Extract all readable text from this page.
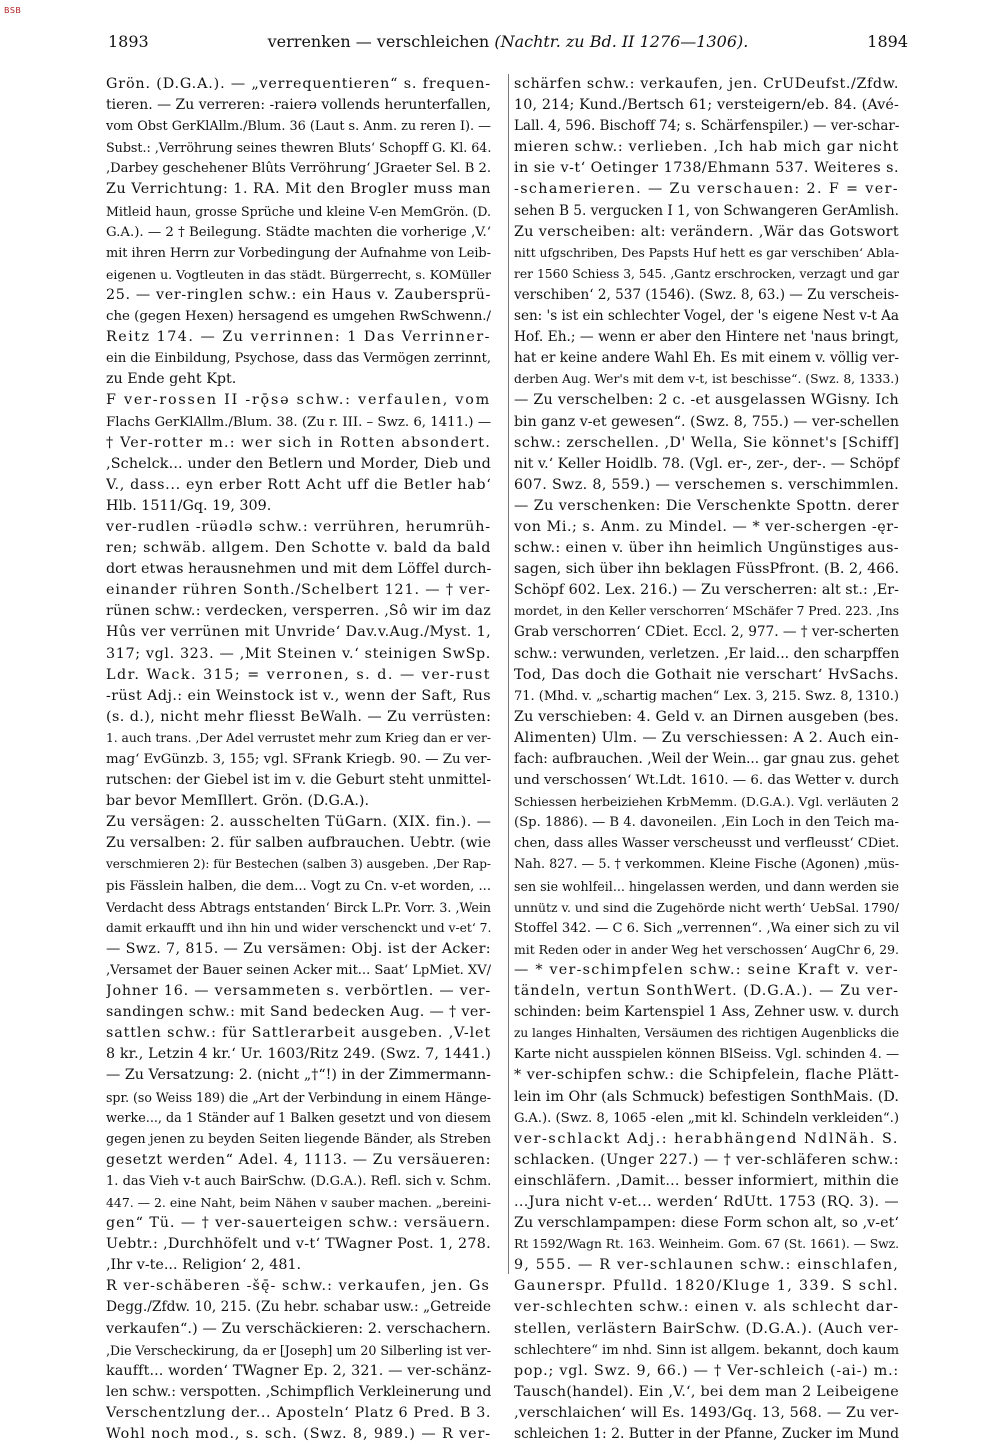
BSB
1893	verrenken — verschleichen (Nachtr. zu Bd. II 1276—1306).	1894
Grön. (D.G.A.). — „verrequentieren“ s. frequen-
tieren. — Zu verreren: -raierə vollends herunterfallen,
vom Obst GerKlAllm./Blum. 36 (Laut s. Anm. zu reren I). —
Subst.: ‚Verröhrung seines thewren Bluts‘ Schopff G. Kl. 64.
‚Darbey geschehener Blûts Verröhrung‘ JGraeter Sel. B 2.
Zu Verrichtung: 1. RA. Mit den Brogler muss man
Mitleid haun, grosse Sprüche und kleine V-en MemGrön. (D.
G.A.). — 2 † Beilegung. Städte machten die vorherige ‚V.‘
mit ihren Herrn zur Vorbedingung der Aufnahme von Leib-
eigenen u. Vogtleuten in das städt. Bürgerrecht, s. KOMüller
25. — ver-ringlen schw.: ein Haus v. Zaubersprü-
che (gegen Hexen) hersagend es umgehen RwSchwenn./
Reitz 174. — Zu verrinnen: 1 Das Verrinner-
ein die Einbildung, Psychose, dass das Vermögen zerrinnt,
zu Ende geht Kpt.
F ver-rossen II -rǭsə schw.: verfaulen, vom
Flachs GerKlAllm./Blum. 38. (Zu r. III. – Swz. 6, 1411.) —
† Ver-rotter m.: wer sich in Rotten absondert.
‚Schelck... under den Betlern und Morder, Dieb und
V., dass... eyn erber Rott Acht uff die Betler hab‘
Hlb. 1511/Gq. 19, 309.
ver-rudlen -rüədlə schw.: verrühren, herumrüh-
ren; schwäb. allgem. Den Schotte v. bald da bald
dort etwas herausnehmen und mit dem Löffel durch-
einander rühren Sonth./Schelbert 121. — † ver-
rünen schw.: verdecken, versperren. ‚Sô wir im daz
Hûs ver verrünen mit Unvride‘ Dav.v.Aug./Myst. 1,
317; vgl. 323. — ‚Mit Steinen v.‘ steinigen SwSp.
Ldr. Wack. 315; = verronen, s. d. — ver-rust
-rüst Adj.: ein Weinstock ist v., wenn der Saft, Rus
(s. d.), nicht mehr fliesst BeWalh. — Zu verrüsten:
1. auch trans. ‚Der Adel verrustet mehr zum Krieg dan er ver-
mag‘ EvGünzb. 3, 155; vgl. SFrank Kriegb. 90. — Zu ver-
rutschen: der Giebel ist im v. die Geburt steht unmittel-
bar bevor MemIllert. Grön. (D.G.A.).
Zu versägen: 2. ausschelten TüGarn. (XIX. fin.). —
Zu versalben: 2. für salben aufbrauchen. Uebtr. (wie
verschmieren 2): für Bestechen (salben 3) ausgeben. ‚Der Rap-
pis Fässlein halben, die dem... Vogt zu Cn. v-et worden, ...
Verdacht dess Abtrags entstanden‘ Birck L.Pr. Vorr. 3. ‚Wein
damit erkaufft und ihn hin und wider verschenckt und v-et‘ 7.
— Swz. 7, 815. — Zu versämen: Obj. ist der Acker:
‚Versamet der Bauer seinen Acker mit... Saat‘ LpMiet. XV/
Johner 16. — versammeten s. verbörtlen. — ver-
sandingen schw.: mit Sand bedecken Aug. — † ver-
sattlen schw.: für Sattlerarbeit ausgeben. ‚V-let
8 kr., Letzin 4 kr.‘ Ur. 1603/Ritz 249. (Swz. 7, 1441.)
— Zu Versatzung: 2. (nicht „†“!) in der Zimmermann-
spr. (so Weiss 189) die „Art der Verbindung in einem Hänge-
werke..., da 1 Ständer auf 1 Balken gesetzt und von diesem
gegen jenen zu beyden Seiten liegende Bänder, als Streben
gesetzt werden“ Adel. 4, 1113. — Zu versäueren:
1. das Vieh v-t auch BairSchw. (D.G.A.). Refl. sich v. Schm.
447. — 2. eine Naht, beim Nähen v sauber machen. „bereini-
gen“ Tü. — † ver-sauerteigen schw.: versäuern.
Uebtr.: ‚Durchhöfelt und v-t‘ TWagner Post. 1, 278.
‚Ihr v-te... Religion‘ 2, 481.
R ver-schäberen -šę̄- schw.: verkaufen, jen. Gs
Degg./Zfdw. 10, 215. (Zu hebr. schabar usw.: „Getreide
verkaufen“.) — Zu verschäckieren: 2. verschachern.
‚Die Verscheckirung, da er [Joseph] um 20 Silberling ist ver-
kaufft... worden‘ TWagner Ep. 2, 321. — ver-schänz-
len schw.: verspotten. ‚Schimpflich Verkleinerung und
Verschentzlung der... Aposteln‘ Platz 6 Pred. B 3.
Wohl noch mod., s. sch. (Swz. 8, 989.) — R ver-
schärfen schw.: verkaufen, jen. CrUDeufst./Zfdw.
10, 214; Kund./Bertsch 61; versteigern/eb. 84. (Avé-
Lall. 4, 596. Bischoff 74; s. Schärfenspiler.) — ver-schar-
mieren schw.: verlieben. ‚Ich hab mich gar nicht
in sie v-t‘ Oetinger 1738/Ehmann 537. Weiteres s.
-schamerieren. — Zu verschauen: 2. F = ver-
sehen B 5. vergucken I 1, von Schwangeren GerAmlish.
Zu verscheiben: alt: verändern. ‚Wär das Gotswort
nitt ufgschriben, Des Papsts Huf hett es gar verschiben‘ Abla-
rer 1560 Schiess 3, 545. ‚Gantz erschrocken, verzagt und gar
verschiben‘ 2, 537 (1546). (Swz. 8, 63.) — Zu verscheis-
sen: 's ist ein schlechter Vogel, der 's eigene Nest v-t Aa
Hof. Eh.; — wenn er aber den Hintere net 'naus bringt,
hat er keine andere Wahl Eh. Es mit einem v. völlig ver-
derben Aug. Wer's mit dem v-t, ist beschisse“. (Swz. 8, 1333.)
— Zu verschelben: 2 c. -et ausgelassen WGisny. Ich
bin ganz v-et gewesen“. (Swz. 8, 755.) — ver-schellen
schw.: zerschellen. ‚D' Wella, Sie könnet's [Schiff]
nit v.‘ Keller Hoidlb. 78. (Vgl. er-, zer-, der-. — Schöpf
607. Swz. 8, 559.) — verschemen s. verschimmlen.
— Zu verschenken: Die Verschenkte Spottn. derer
von Mi.; s. Anm. zu Mindel. — * ver-schergen -ęr-
schw.: einen v. über ihn heimlich Ungünstiges aus-
sagen, sich über ihn beklagen FüssPfront. (B. 2, 466.
Schöpf 602. Lex. 216.) — Zu verscherren: alt st.: ‚Er-
mordet, in den Keller verschorren‘ MSchäfer 7 Pred. 223. ‚Ins
Grab verschorren‘ CDiet. Eccl. 2, 977. — † ver-scherten
schw.: verwunden, verletzen. ‚Er laid... den scharpffen
Tod, Das doch die Gothait nie verschart‘ HvSachs.
71. (Mhd. v. „schartig machen“ Lex. 3, 215. Swz. 8, 1310.)
Zu verschieben: 4. Geld v. an Dirnen ausgeben (bes.
Alimenten) Ulm. — Zu verschiessen: A 2. Auch ein-
fach: aufbrauchen. ‚Weil der Wein... gar gnau zus. gehet
und verschossen‘ Wt.Ldt. 1610. — 6. das Wetter v. durch
Schiessen herbeiziehen KrbMemm. (D.G.A.). Vgl. verläuten 2
(Sp. 1886). — B 4. davoneilen. ‚Ein Loch in den Teich ma-
chen, dass alles Wasser verscheusst und verfleusst‘ CDiet.
Nah. 827. — 5. † verkommen. Kleine Fische (Agonen) ‚müs-
sen sie wohlfeil... hingelassen werden, und dann werden sie
unnütz v. und sind die Zugehörde nicht werth‘ UebSal. 1790/
Stoffel 342. — C 6. Sich „verrennen“. ‚Wa einer sich zu vil
mit Reden oder in ander Weg het verschossen‘ AugChr 6, 29.
— * ver-schimpfelen schw.: seine Kraft v. ver-
tändeln, vertun SonthWert. (D.G.A.). — Zu ver-
schinden: beim Kartenspiel 1 Ass, Zehner usw. v. durch
zu langes Hinhalten, Versäumen des richtigen Augenblicks die
Karte nicht ausspielen können BlSeiss. Vgl. schinden 4. —
* ver-schipfen schw.: die Schipfelein, flache Plätt-
lein im Ohr (als Schmuck) befestigen SonthMais. (D.
G.A.). (Swz. 8, 1065 -elen „mit kl. Schindeln verkleiden“.)
ver-schlackt Adj.: herabhängend NdlNäh. S.
schlacken. (Unger 227.) — † ver-schläferen schw.:
einschläfern. ‚Damit... besser informiert, mithin die
...Jura nicht v-et... werden‘ RdUtt. 1753 (RQ. 3). —
Zu verschlampampen: diese Form schon alt, so ‚v-et‘
Rt 1592/Wagn Rt. 163. Weinheim. Gom. 67 (St. 1661). — Swz.
9, 555. — R ver-schlaunen schw.: einschlafen,
Gaunerspr. Pfulld. 1820/Kluge 1, 339. S schl.
ver-schlechten schw.: einen v. als schlecht dar-
stellen, verlästern BairSchw. (D.G.A.). (Auch ver-
schlechtere“ im nhd. Sinn ist allgem. bekannt, doch kaum
pop.; vgl. Swz. 9, 66.) — † Ver-schleich (-ai-) m.:
Tausch(handel). Ein ‚V.‘, bei dem man 2 Leibeigene
‚verschlaichen‘ will Es. 1493/Gq. 13, 568. — Zu ver-
schleichen 1: 2. Butter in der Pfanne, Zucker im Mund
